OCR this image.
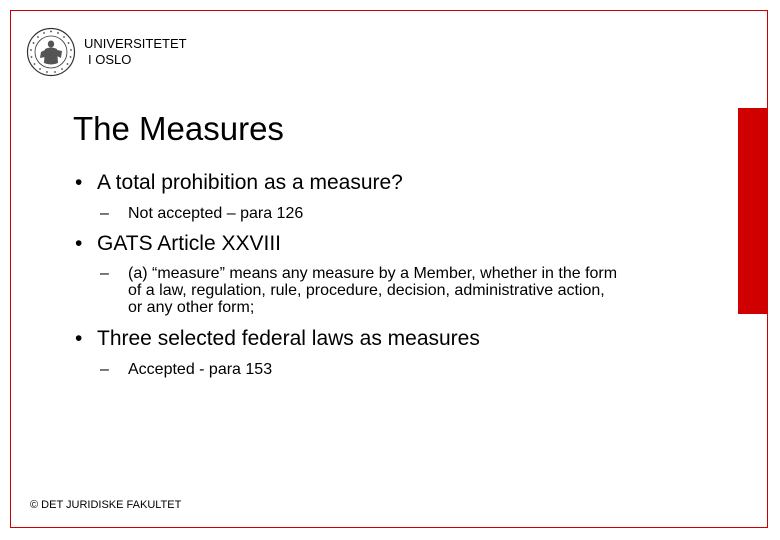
UNIVERSITETET
I OSLO
The Measures
• A total prohibition as a measure?
–	Not accepted – para 126
• GATS Article XXVIII
–	(a) “measure” means any measure by a Member, whether in the form of a law, regulation, rule, procedure, decision, administrative action, or any other form;
• Three selected federal laws as measures
–	Accepted - para 153
© DET JURIDISKE FAKULTET
